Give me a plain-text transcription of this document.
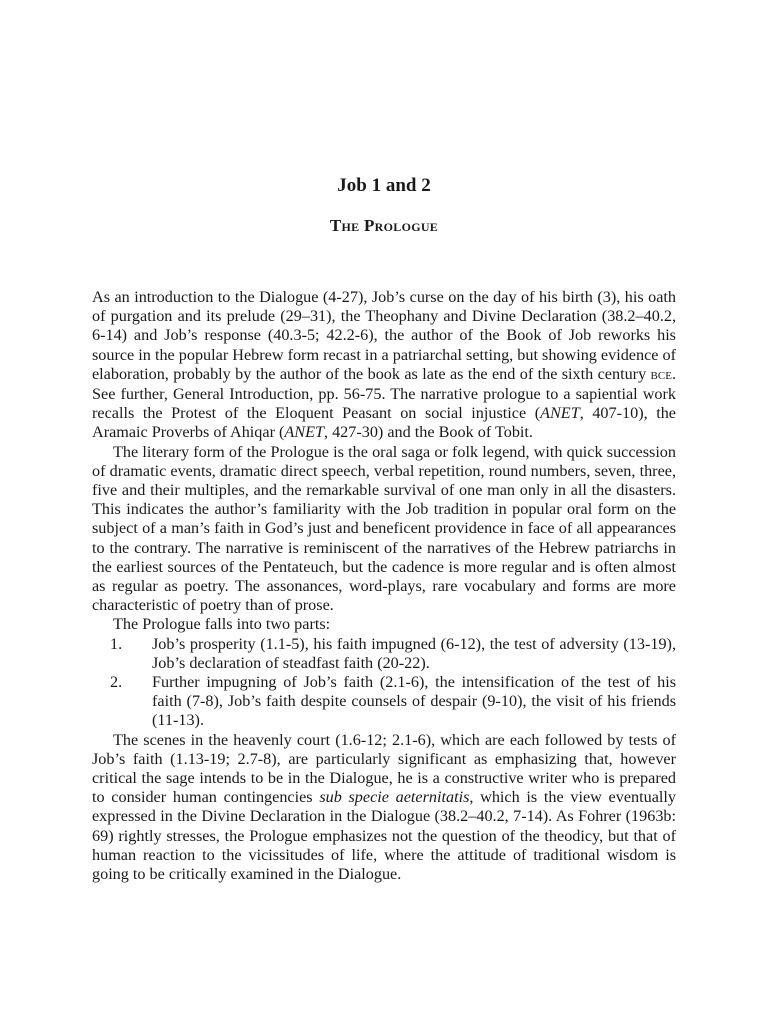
Job 1 and 2
The Prologue

As an introduction to the Dialogue (4-27), Job’s curse on the day of his birth (3), his oath of purgation and its prelude (29–31), the Theophany and Divine Declaration (38.2–40.2, 6-14) and Job’s response (40.3-5; 42.2-6), the author of the Book of Job reworks his source in the popular Hebrew form recast in a patriarchal setting, but showing evidence of elaboration, probably by the author of the book as late as the end of the sixth century bce. See further, General Introduction, pp. 56-75. The narrative prologue to a sapiential work recalls the Protest of the Eloquent Peasant on social injustice (ANET, 407-10), the Aramaic Proverbs of Ahiqar (ANET, 427-30) and the Book of Tobit.

The literary form of the Prologue is the oral saga or folk legend, with quick succession of dramatic events, dramatic direct speech, verbal repetition, round numbers, seven, three, five and their multiples, and the remarkable survival of one man only in all the disasters. This indicates the author’s familiarity with the Job tradition in popular oral form on the subject of a man’s faith in God’s just and beneficent providence in face of all appearances to the contrary. The narrative is reminiscent of the narratives of the Hebrew patriarchs in the earliest sources of the Pentateuch, but the cadence is more regular and is often almost as regular as poetry. The assonances, word-plays, rare vocabulary and forms are more characteristic of poetry than of prose.

The Prologue falls into two parts:

1. Job’s prosperity (1.1-5), his faith impugned (6-12), the test of adversity (13-19), Job’s declaration of steadfast faith (20-22).
2. Further impugning of Job’s faith (2.1-6), the intensification of the test of his faith (7-8), Job’s faith despite counsels of despair (9-10), the visit of his friends (11-13).

The scenes in the heavenly court (1.6-12; 2.1-6), which are each followed by tests of Job’s faith (1.13-19; 2.7-8), are particularly significant as emphasizing that, however critical the sage intends to be in the Dialogue, he is a constructive writer who is prepared to consider human contingencies sub specie aeternitatis, which is the view eventually expressed in the Divine Declaration in the Dialogue (38.2–40.2, 7-14). As Fohrer (1963b: 69) rightly stresses, the Prologue emphasizes not the question of the theodicy, but that of human reaction to the vicissitudes of life, where the attitude of traditional wisdom is going to be critically examined in the Dialogue.
